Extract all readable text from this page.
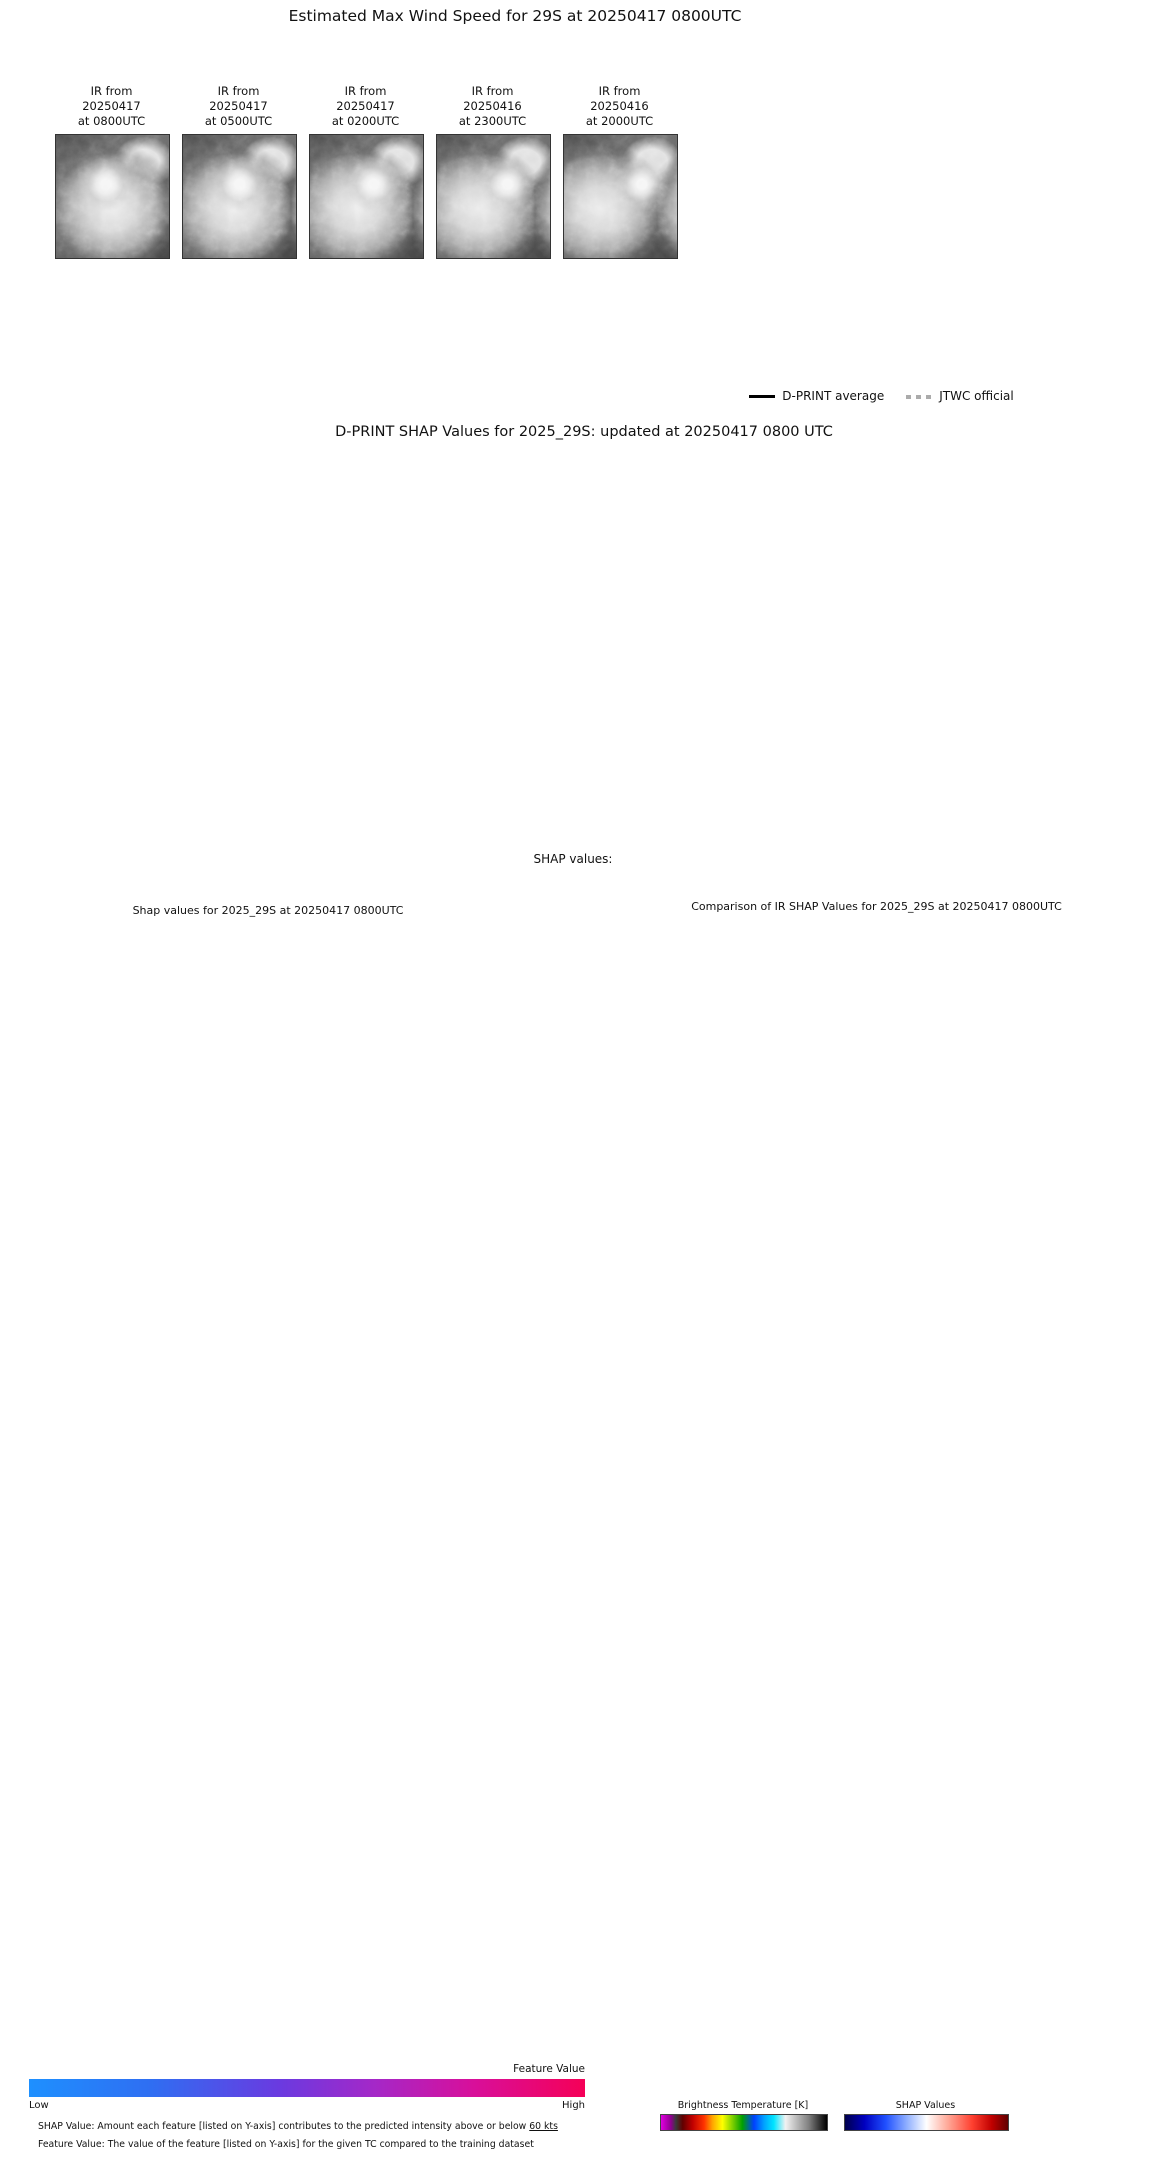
Estimated Max Wind Speed for 29S at 20250417 0800UTC
IR from
20250417
at 0800UTC
IR from
20250417
at 0500UTC
IR from
20250417
at 0200UTC
IR from
20250416
at 2300UTC
IR from
20250416
at 2000UTC
D-PRINT average	JTWC official
D-PRINT SHAP Values for 2025_29S: updated at 20250417 0800 UTC
SHAP values:
Shap values for 2025_29S at 20250417 0800UTC
Feature Value
Low	High
SHAP Value: Amount each feature [listed on Y-axis] contributes to the predicted intensity above or below 60 kts
Feature Value: The value of the feature [listed on Y-axis] for the given TC compared to the training dataset
Comparison of IR SHAP Values for 2025_29S at 20250417 0800UTC
Brightness Temperature [K]	SHAP Values
